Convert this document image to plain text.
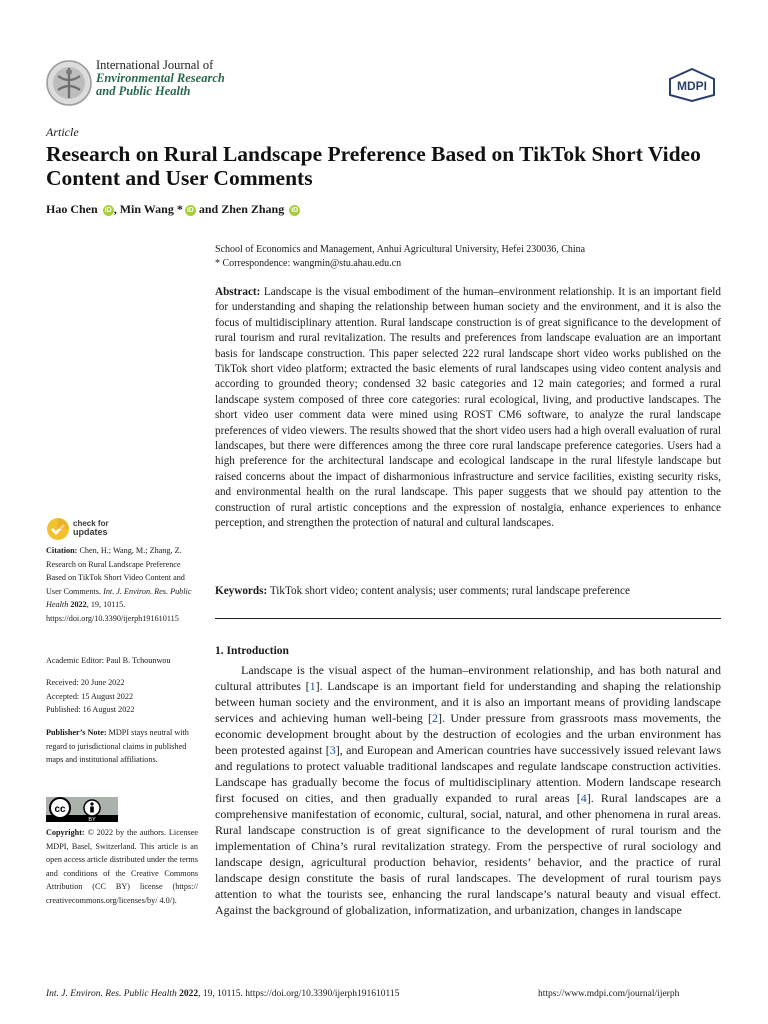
International Journal of
Environmental Research
and Public Health	MDPI
Article
Research on Rural Landscape Preference Based on TikTok Short Video Content and User Comments
Hao Chen iD , Min Wang * iD and Zhen Zhang iD
School of Economics and Management, Anhui Agricultural University, Hefei 230036, China
* Correspondence: wangmin@stu.ahau.edu.cn
Abstract: Landscape is the visual embodiment of the human–environment relationship. It is an important field for understanding and shaping the relationship between human society and the environment, and it is also the focus of multidisciplinary attention. Rural landscape construction is of great significance to the development of rural tourism and rural revitalization. The results and preferences from landscape evaluation are an important basis for landscape construction. This paper selected 222 rural landscape short video works published on the TikTok short video platform; extracted the basic elements of rural landscapes using video content analysis and according to grounded theory; condensed 32 basic categories and 12 main categories; and formed a rural landscape system composed of three core categories: rural ecological, living, and productive landscapes. The short video user comment data were mined using ROST CM6 software, to analyze the rural landscape preferences of video viewers. The results showed that the short video users had a high overall evaluation of rural landscapes, but there were differences among the three core rural landscape preference categories. Users had a high preference for the architectural landscape and ecological landscape in the rural lifestyle landscape but raised concerns about the impact of disharmonious infrastructure and service facilities, existing security risks, and environmental health on the rural landscape. This paper suggests that we should pay attention to the construction of rural artistic conceptions and the expression of nostalgia, enhance experiences to enhance perception, and strengthen the protection of natural and cultural landscapes.
Keywords: TikTok short video; content analysis; user comments; rural landscape preference
1. Introduction
Landscape is the visual aspect of the human–environment relationship, and has both natural and cultural attributes [1]. Landscape is an important field for understanding and shaping the relationship between human society and the environment, and it is also an important means of providing landscape services and achieving human well-being [2]. Under pressure from grassroots mass movements, the economic development brought about by the destruction of ecologies and the urban environment has been protested against [3], and European and American countries have successively issued relevant laws and regulations to protect valuable traditional landscapes and regulate landscape construction activities. Landscape has gradually become the focus of multidisciplinary attention. Modern landscape research first focused on cities, and then gradually expanded to rural areas [4]. Rural landscapes are a comprehensive manifestation of economic, cultural, social, natural, and other phenomena in rural areas. Rural landscape construction is of great significance to the development of rural tourism and the implementation of China’s rural revitalization strategy. From the perspective of rural sociology and landscape design, agricultural production behavior, residents’ behavior, and the practice of rural landscape design constitute the basis of rural landscapes. The development of rural tourism pays attention to what the tourists see, enhancing the rural landscape’s natural beauty and visual effect. Against the background of globalization, informatization, and urbanization, changes in landscape
check for
updates
Citation: Chen, H.; Wang, M.; Zhang, Z. Research on Rural Landscape Preference Based on TikTok Short Video Content and User Comments. Int. J. Environ. Res. Public Health 2022, 19, 10115. https://doi.org/10.3390/ijerph191610115
Academic Editor: Paul B. Tchounwou
Received: 20 June 2022
Accepted: 15 August 2022
Published: 16 August 2022
Publisher’s Note: MDPI stays neutral with regard to jurisdictional claims in published maps and institutional affiliations.
cc
BY
Copyright: © 2022 by the authors. Licensee MDPI, Basel, Switzerland. This article is an open access article distributed under the terms and conditions of the Creative Commons Attribution (CC BY) license (https:// creativecommons.org/licenses/by/ 4.0/).
Int. J. Environ. Res. Public Health 2022, 19, 10115. https://doi.org/10.3390/ijerph191610115	https://www.mdpi.com/journal/ijerph
